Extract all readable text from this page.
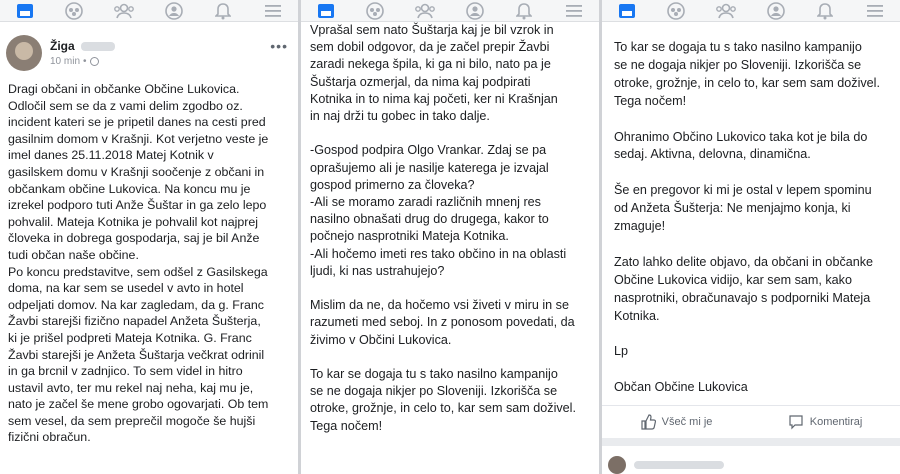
Žiga
10 min •
•••

Dragi občani in občanke Občine Lukovica.

Odločil sem se da z vami delim zgodbo oz.

incident kateri se je pripetil danes na cesti pred

gasilnim domom v Krašnji. Kot verjetno veste je

imel danes 25.11.2018 Matej Kotnik v

gasilskem domu v Krašnji soočenje z občani in

občankam občine Lukovica. Na koncu mu je

izrekel podporo tuti Anže Šuštar in ga zelo lepo

pohvalil. Mateja Kotnika je pohvalil kot najprej

človeka in dobrega gospodarja, saj je bil Anže

tudi občan naše občine.

Po koncu predstavitve, sem odšel z Gasilskega

doma, na kar sem se usedel v avto in hotel

odpeljati domov. Na kar zagledam, da g. Franc

Žavbi starejši fizično napadel Anžeta Šušterja,

ki je prišel podpreti Mateja Kotnika. G. Franc

Žavbi starejši je Anžeta Šuštarja večkrat odrinil

in ga brcnil v zadnjico. To sem videl in hitro

ustavil avto, ter mu rekel naj neha, kaj mu je,

nato je začel še mene grobo ogovarjati. Ob tem

sem vesel, da sem preprečil mogoče še hujši

fizični obračun.

Vprašal sem nato Šuštarja kaj je bil vzrok in

sem dobil odgovor, da je začel prepir Žavbi

zaradi nekega špila, ki ga ni bilo, nato pa je

Šuštarja ozmerjal, da nima kaj podpirati

Kotnika in to nima kaj početi, ker ni Krašnjan

in naj drži tu gobec in tako dalje.

-Gospod podpira Olgo Vrankar. Zdaj se pa

oprašujemo ali je nasilje katerega je izvajal

gospod primerno za človeka?

-Ali se moramo zaradi različnih mnenj res

nasilno obnašati drug do drugega, kakor to

počnejo nasprotniki Mateja Kotnika.

-Ali hočemo imeti res tako občino in na oblasti

ljudi, ki nas ustrahujejo?

Mislim da ne, da hočemo vsi živeti v miru in se

razumeti med seboj. In z ponosom povedati, da

živimo v Občini Lukovica.

To kar se dogaja tu s tako nasilno kampanijo

se ne dogaja nikjer po Sloveniji. Izkorišča se

otroke, grožnje, in celo to, kar sem sam doživel.

Tega nočem!

To kar se dogaja tu s tako nasilno kampanijo

se ne dogaja nikjer po Sloveniji. Izkorišča se

otroke, grožnje, in celo to, kar sem sam doživel.

Tega nočem!

Ohranimo Občino Lukovico taka kot je bila do

sedaj. Aktivna, delovna, dinamična.

Še en pregovor ki mi je ostal v lepem spominu

od Anžeta Šušterja: Ne menjajmo konja, ki

zmaguje!

Zato lahko delite objavo, da občani in občanke

Občine Lukovica vidijo, kar sem sam, kako

nasprotniki, obračunavajo s podporniki Mateja

Kotnika.

Lp

Občan Občine Lukovica

Všeč mi je	Komentiraj
